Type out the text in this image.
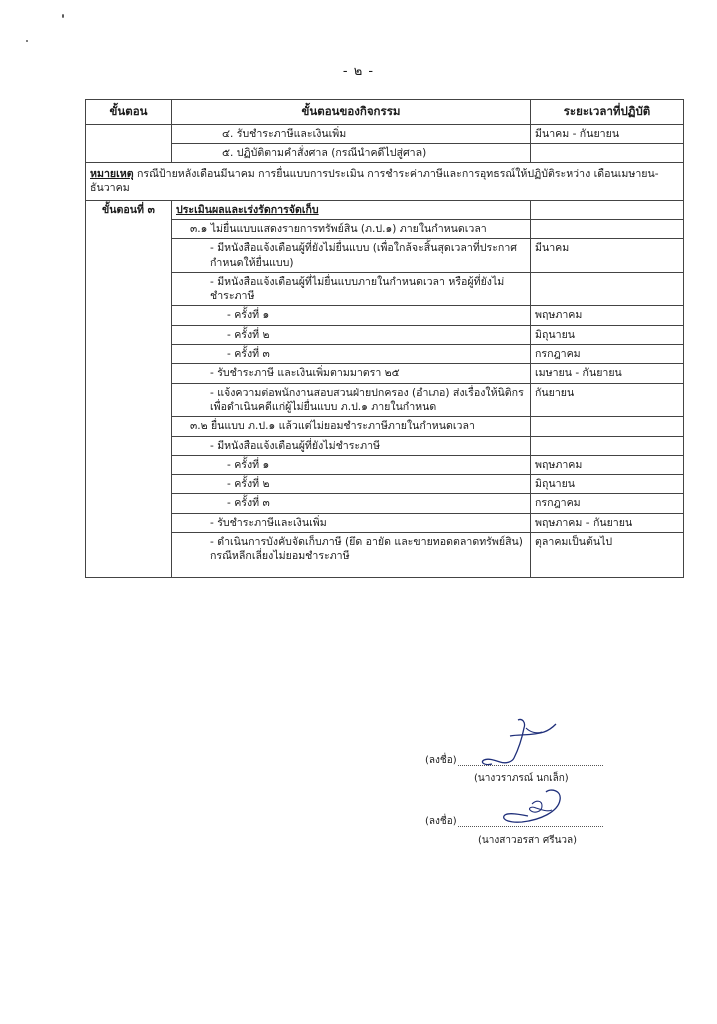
- ๒ -
ขั้นตอน	ขั้นตอนของกิจกรรม	ระยะเวลาที่ปฏิบัติ
	๔. รับชำระภาษีและเงินเพิ่ม	มีนาคม - กันยายน
	๕. ปฏิบัติตามคำสั่งศาล (กรณีนำคดีไปสู่ศาล)	
หมายเหตุ กรณีป้ายหลังเดือนมีนาคม การยื่นแบบการประเมิน การชำระค่าภาษีและการอุทธรณ์ให้ปฏิบัติระหว่าง เดือนเมษายน-ธันวาคม		
ขั้นตอนที่ ๓	ประเมินผลและเร่งรัดการจัดเก็บ	
	๓.๑ ไม่ยื่นแบบแสดงรายการทรัพย์สิน (ภ.ป.๑) ภายในกำหนดเวลา	
	- มีหนังสือแจ้งเตือนผู้ที่ยังไม่ยื่นแบบ (เพื่อใกล้จะสิ้นสุดเวลาที่ประกาศกำหนดให้ยื่นแบบ)	มีนาคม
	- มีหนังสือแจ้งเตือนผู้ที่ไม่ยื่นแบบภายในกำหนดเวลา หรือผู้ที่ยังไม่ชำระภาษี	
	- ครั้งที่ ๑	พฤษภาคม
	- ครั้งที่ ๒	มิถุนายน
	- ครั้งที่ ๓	กรกฎาคม
	- รับชำระภาษี และเงินเพิ่มตามมาตรา ๒๕	เมษายน - กันยายน
	- แจ้งความต่อพนักงานสอบสวนฝ่ายปกครอง (อำเภอ) ส่งเรื่องให้นิติกร เพื่อดำเนินคดีแก่ผู้ไม่ยื่นแบบ ภ.ป.๑ ภายในกำหนด	กันยายน
	๓.๒ ยื่นแบบ ภ.ป.๑ แล้วแต่ไม่ยอมชำระภาษีภายในกำหนดเวลา	
	- มีหนังสือแจ้งเตือนผู้ที่ยังไม่ชำระภาษี	
	- ครั้งที่ ๑	พฤษภาคม
	- ครั้งที่ ๒	มิถุนายน
	- ครั้งที่ ๓	กรกฎาคม
	- รับชำระภาษีและเงินเพิ่ม	พฤษภาคม - กันยายน
	- ดำเนินการบังคับจัดเก็บภาษี (ยึด อายัด และขายทอดตลาดทรัพย์สิน) กรณีหลีกเลี่ยงไม่ยอมชำระภาษี	ตุลาคมเป็นต้นไป
(ลงชื่อ)
(นางวราภรณ์ นกเล็ก)
(ลงชื่อ)
(นางสาวอรสา ศรีนวล)
